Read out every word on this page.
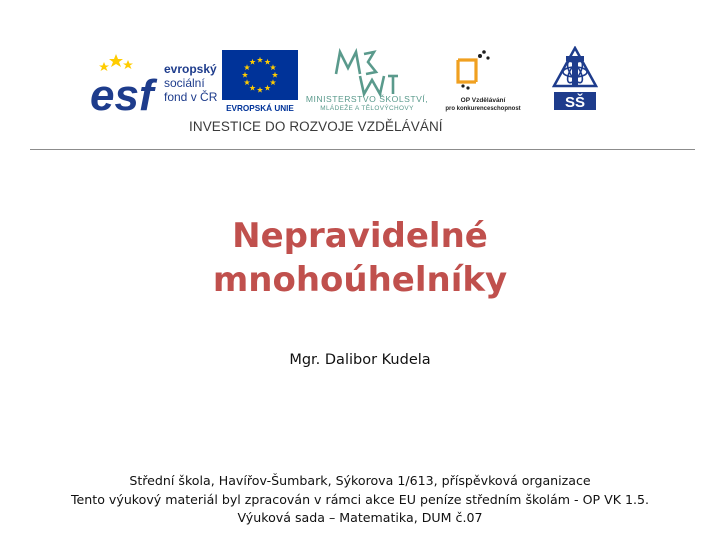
esf
evropský
sociální
fond v ČR
EVROPSKÁ UNIE
MINISTERSTVO ŠKOLSTVÍ,
MLÁDEŽE A TĚLOVÝCHOVY
OP Vzdělávání
pro konkurenceschopnost	SŠ
INVESTICE DO ROZVOJE VZDĚLÁVÁNÍ
Nepravidelné
mnohoúhelníky
Mgr. Dalibor Kudela
Střední škola, Havířov-Šumbark, Sýkorova 1/613, příspěvková organizace
Tento výukový materiál byl zpracován v rámci akce EU peníze středním školám - OP VK 1.5.
Výuková sada – Matematika, DUM č.07
